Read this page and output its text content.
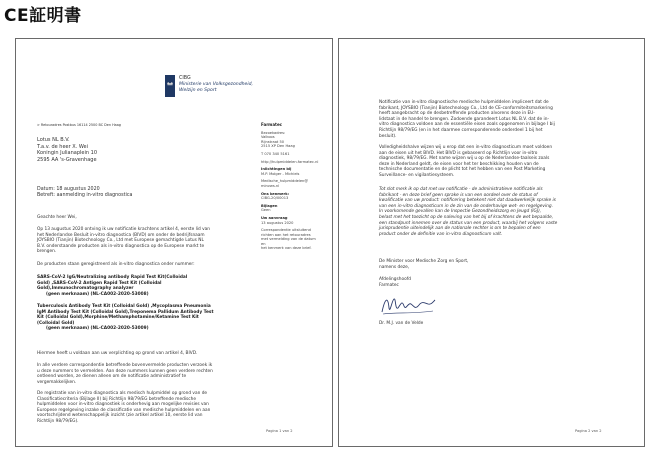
CE証明書
CIBG
Ministerie van Volksgezondheid,
Welzijn en Sport
> Retouradres Postbus 16114 2500 BC Den Haag
Lotus NL B.V.
T.a.v. de heer X. Wei
Koningin Julianaplein 10
2595 AA 's-Gravenhage
Datum: 18 augustus 2020
Betreft: aanmelding in-vitro diagnostica
Geachte heer Wei,
Op 13 augustus 2020 ontving ik uw notificatie krachtens artikel 4, eerste lid van
het Nederlandse Besluit in-vitro diagnostica (BIVD) om onder de bedrijfsnaam
JOYSBIO (Tianjin) Biotechnology Co., Ltd met Europese gemachtigde Lotus NL
B.V. onderstaande producten als in-vitro diagnostica op de Europese markt te
brengen.
De producten staan geregistreerd als in-vitro diagnostica onder nummer:
SARS-CoV-2 IgG/Neutralizing antibody Rapid Test Kit(Colloidal
Gold) ,SARS-CoV-2 Antigen Rapid Test Kit (Colloidal
Gold),Immunochromatography analyzer
(geen merknaam) (NL-CA002-2020-53008)
Tuberculosis Antibody Test Kit (Colloidal Gold) ,Mycoplasma Pneumonia
IgM Antibody Test Kit (Colloidal Gold),Treponema Pallidum Antibody Test
Kit (Colloidal Gold),Morphine/Methamphotamine/Ketamine Test Kit
(Colloidal Gold)
(geen merknaam) (NL-CA002-2020-53009)
Hiermee heeft u voldaan aan uw verplichting op grond van artikel 4, BIVD.
In alle verdere correspondentie betreffende bovenvermelde producten verzoek ik
u deze nummers te vermelden. Aan deze nummers kunnen geen verdere rechten
ontleend worden, ze dienen alleen om de notificatie administratief te
vergemakkelijken.
De registratie van in-vitro diagnostica als medisch hulpmiddel op grond van de
Classificatiecriteria (Bijlage II) bij Richtlijn 98/79/EG betreffende medische
hulpmiddelen voor in-vitro diagnostiek is onderhevig aan mogelijke revisies van
Europese regelgeving inzake de classificatie van medische hulpmiddelen en aan
voortschrijdend wetenschappelijk inzicht (zie artikel artikel 10, eerste lid van
Richtlijn 98/79/EG).
Farmatec
Bezoekadres:
Valkoos
Rijnstraat 50
2515 XP Den Haag
T 070 340 5161
http://hulpmiddelen.farmatec.nl
Inlichtingen bij
M.P. Molger - Michiels
Medische_hulpmiddelen@
minvws.nl
Ons kenmerk:
CIBG-20/00013
Bijlagen
Geen
Uw aanvraag
13 augustus 2020
Correspondentie uitsluitend
richten aan het retouradres
met vermelding van de datum en
het kenmerk van deze brief.
Pagina 1 van 2
Notificatie van in-vitro diagnostische medische hulpmiddelen impliceert dat de
fabrikant, JOYSBIO (Tianjin) Biotechnology Co., Ltd de CE-conformiteitsmarkering
heeft aangebracht op de desbetreffende producten alvorens deze in EU-
lidstaat in de handel te brengen. Zodoende garandeert Lotus NL B.V. dat de in-
vitro diagnostica voldoen aan de essentiële eisen zoals opgenomen in bijlage I bij
Richtlijn 98/79/EG (en in het daarmee corresponderende onderdeel 1 bij het
besluit).
Volledigheidshalve wijzen wij u erop dat een in-vitro diagnosticum moet voldoen
aan de eisen uit het BIVD. Het BIVD is gebaseerd op Richtlijn voor in-vitro
diagnostiek, 98/79/EG. Met name wijzen wij u op de Nederlandse-taalseis zoals
deze in Nederland geldt, de eisen voor het ter beschikking houden van de
technische documentatie en de plicht tot het hebben van een Post Marketing
Surveillance- en vigilantiesysteem.
Tot slot merk ik op dat met uw notificatie - de administratieve notificatie als
fabrikant - en deze brief geen sprake is van een oordeel over de status of
kwalificatie van uw product: notificering betekent niet dat daadwerkelijk sprake is
van een in-vitro diagnosticum in de zin van de onderhavige wet- en regelgeving.
In voorkomende gevallen kan de Inspectie Gezondheidszorg en Jeugd (IGJ),
belast met het toezicht op de naleving van het bij of krachtens de wet bepaalde,
een standpunt innemen over de status van een product, waarbij het volgens vaste
jurisprudentie uiteindelijk aan de nationale rechter is om te bepalen of een
product onder de definitie van in-vitro diagnosticum valt.
De Minister voor Medische Zorg en Sport,
namens deze,
Afdelingshoofd
Farmatec
Dr. M.J. van de Velde
Pagina 2 van 2
